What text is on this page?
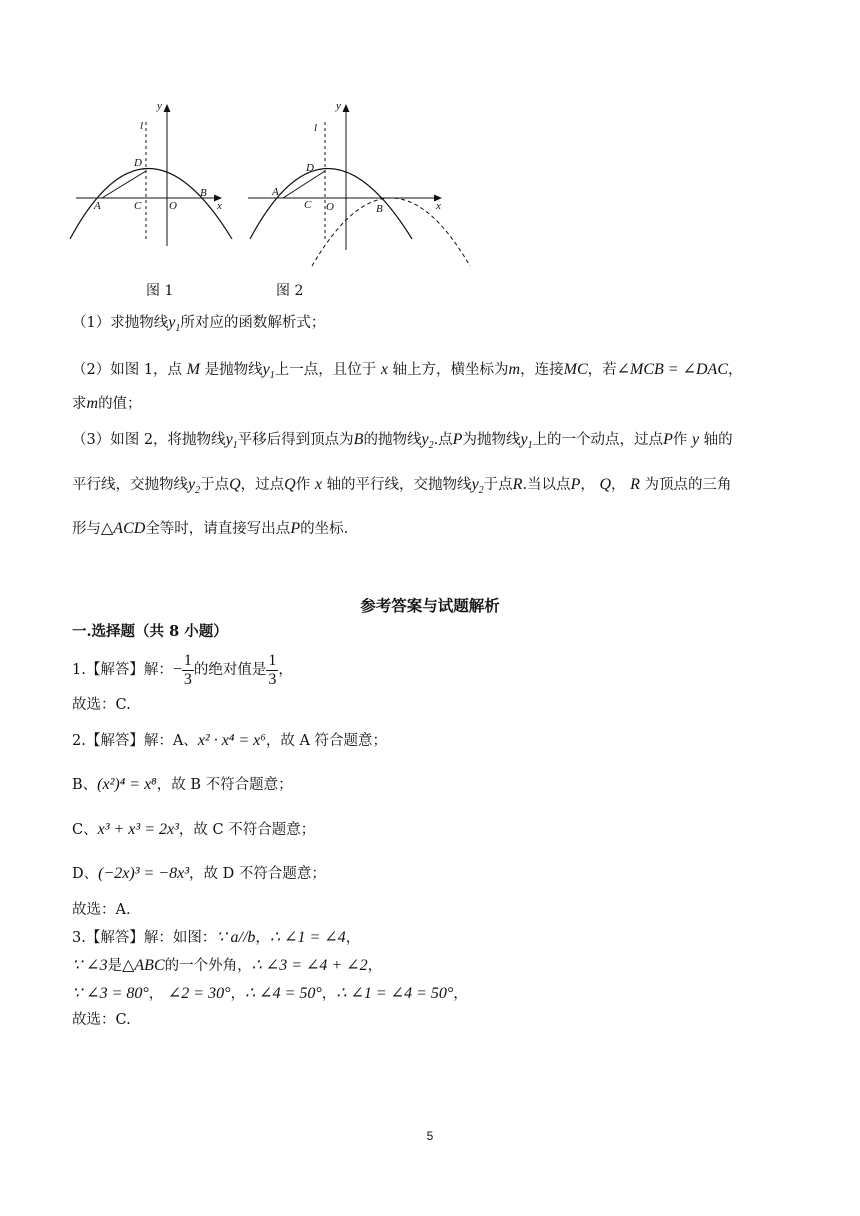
y
x
l
D
A	C	O
B
y
x
l
D
A
C O	B
图 1	图 2
（1）求抛物线$y_1$所对应的函数解析式；
（2）如图 1，点 M 是抛物线$y_1$上一点，且位于 x 轴上方，横坐标为m，连接MC，若∠MCB = ∠DAC，
求m的值；
（3）如图 2，将抛物线$y_1$平移后得到顶点为B的抛物线$y_2$.点P为抛物线$y_1$上的一个动点，过点P作 y 轴的
平行线，交抛物线$y_2$于点Q，过点Q作 x 轴的平行线，交抛物线$y_2$于点R.当以点P， Q， R 为顶点的三角
形与△ACD全等时，请直接写出点P的坐标.
参考答案与试题解析
一.选择题（共 8 小题）
1.【解答】解：− $\frac{1}{3}$ 的绝对值是 $\frac{1}{3}$ ，
故选：C.
2.【解答】解：A、x² · x⁴ = x⁶，故 A 符合题意；
B、(x²)⁴ = x⁸，故 B 不符合题意；
C、x³ + x³ = 2x³，故 C 不符合题意；
D、(−2x)³ = −8x³，故 D 不符合题意；
故选：A.
3.【解答】解：如图：∵ a//b，∴ ∠1 = ∠4，
∵ ∠3是△ABC的一个外角，∴ ∠3 = ∠4 + ∠2，
∵ ∠3 = 80°， ∠2 = 30°，∴ ∠4 = 50°，∴ ∠1 = ∠4 = 50°，
故选：C.
5
